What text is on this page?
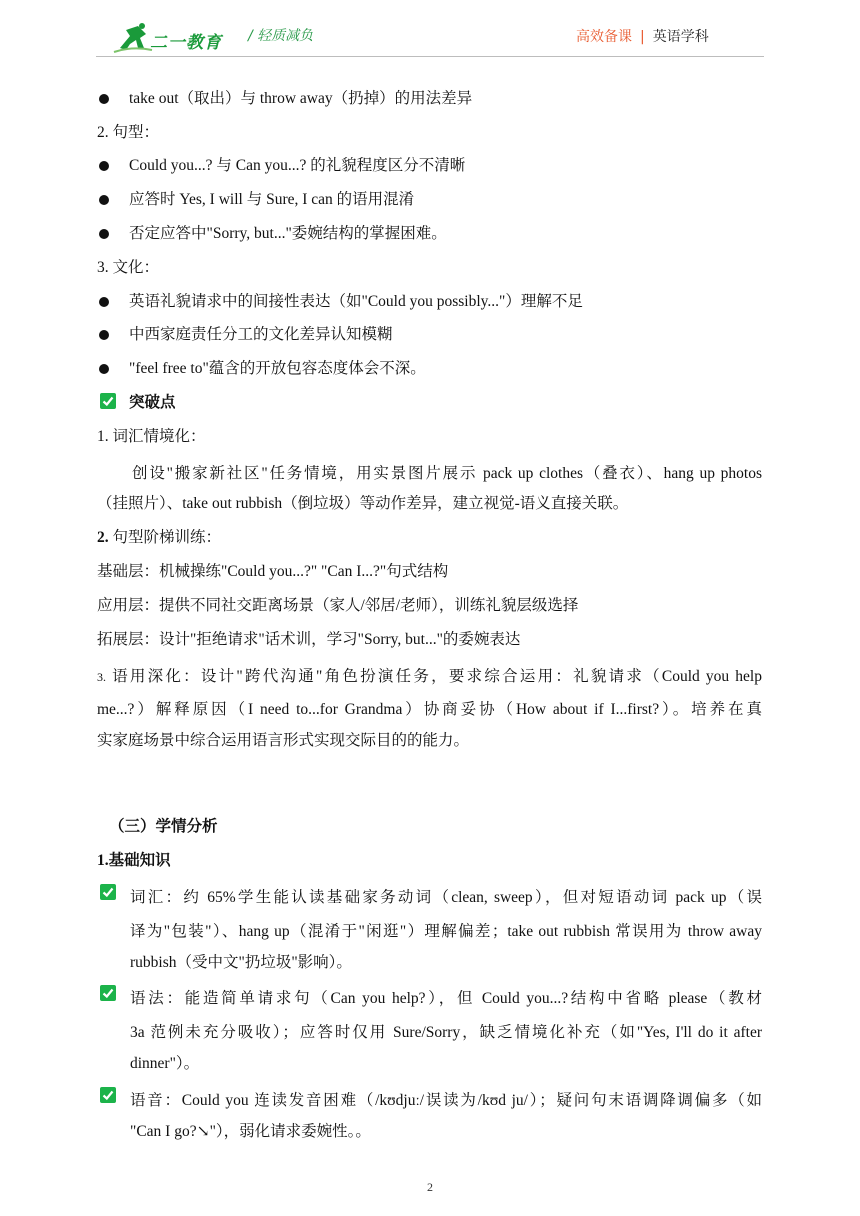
二一教育 / 轻质减负	高效备课 | 英语学科
take out（取出）与 throw away（扔掉）的用法差异
2. 句型：
Could you...? 与 Can you...? 的礼貌程度区分不清晰
应答时 Yes, I will 与 Sure, I can 的语用混淆
否定应答中"Sorry, but..."委婉结构的掌握困难。
3. 文化：
英语礼貌请求中的间接性表达（如"Could you possibly..."）理解不足
中西家庭责任分工的文化差异认知模糊
"feel free to"蕴含的开放包容态度体会不深。
突破点
1. 词汇情境化：
创设"搬家新社区"任务情境，用实景图片展示 pack up clothes（叠衣）、hang up photos
（挂照片）、take out rubbish（倒垃圾）等动作差异，建立视觉-语义直接关联。
2. 句型阶梯训练：
基础层：机械操练"Could you...?" "Can I...?"句式结构
应用层：提供不同社交距离场景（家人/邻居/老师），训练礼貌层级选择
拓展层：设计"拒绝请求"话术训，学习"Sorry, but..."的委婉表达
3. 语用深化：设计"跨代沟通"角色扮演任务，要求综合运用：礼貌请求（Could you help
me...?）解释原因（I need to...for Grandma）协商妥协（How about if I...first?）。培养在真
实家庭场景中综合运用语言形式实现交际目的的能力。
（三）学情分析
1.基础知识
词汇：约 65%学生能认读基础家务动词（clean, sweep），但对短语动词 pack up（误
译为"包装"）、hang up（混淆于"闲逛"）理解偏差；take out rubbish 常误用为 throw away
rubbish（受中文"扔垃圾"影响）。
语法：能造简单请求句（Can you help?），但 Could you...?结构中省略 please（教材
3a 范例未充分吸收）；应答时仅用 Sure/Sorry，缺乏情境化补充（如"Yes, I'll do it after
dinner"）。
语音：Could you 连读发音困难（/kʊdjuː/误读为/kʊd ju/）；疑问句末语调降调偏多（如
"Can I go?↘"），弱化请求委婉性。。
2
